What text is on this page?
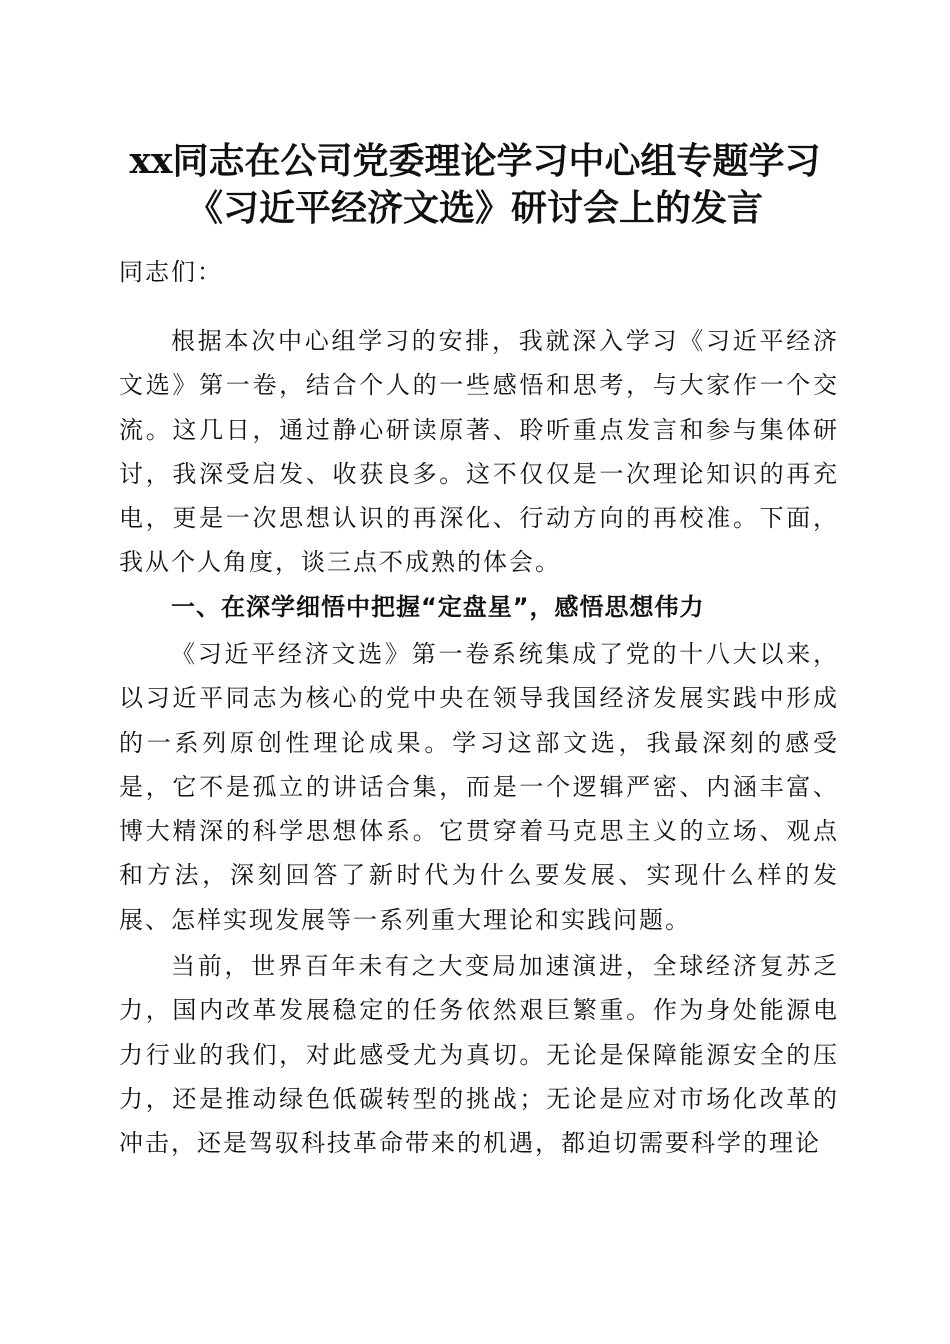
xx同志在公司党委理论学习中心组专题学习
《习近平经济文选》研讨会上的发言
同志们：
根据本次中心组学习的安排，我就深入学习《习近平经济文选》第一卷，结合个人的一些感悟和思考，与大家作一个交流。这几日，通过静心研读原著、聆听重点发言和参与集体研讨，我深受启发、收获良多。这不仅仅是一次理论知识的再充电，更是一次思想认识的再深化、行动方向的再校准。下面，我从个人角度，谈三点不成熟的体会。
一、在深学细悟中把握“定盘星”，感悟思想伟力
《习近平经济文选》第一卷系统集成了党的十八大以来，以习近平同志为核心的党中央在领导我国经济发展实践中形成的一系列原创性理论成果。学习这部文选，我最深刻的感受是，它不是孤立的讲话合集，而是一个逻辑严密、内涵丰富、博大精深的科学思想体系。它贯穿着马克思主义的立场、观点和方法，深刻回答了新时代为什么要发展、实现什么样的发展、怎样实现发展等一系列重大理论和实践问题。
当前，世界百年未有之大变局加速演进，全球经济复苏乏力，国内改革发展稳定的任务依然艰巨繁重。作为身处能源电力行业的我们，对此感受尤为真切。无论是保障能源安全的压力，还是推动绿色低碳转型的挑战；无论是应对市场化改革的冲击，还是驾驭科技革命带来的机遇，都迫切需要科学的理论
